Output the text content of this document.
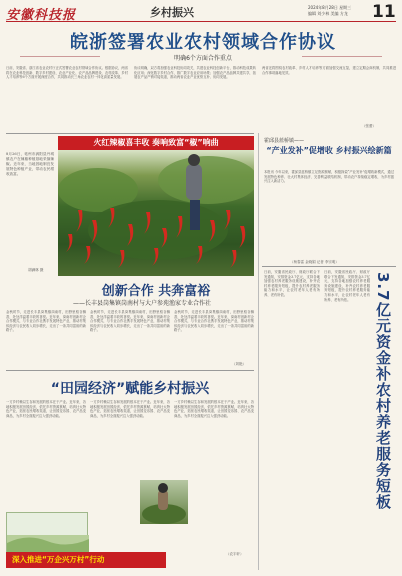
安徽科技报	乡村振兴	2024年8月28日 星期三
编辑 刘少林 美编 方龙 11
皖浙签署农业农村领域合作协议
明确6个方面合作重点
日前，安徽省、浙江省农业农村厅正式签署农业农村领域合作协议。根据协议，两省将在农业科技创新、数字乡村建设、农业产业化、农产品品牌建设、农村改革、乡村人才培养等6个方面开展深度合作，共同推动长三角农业农村一体化高质量发展。
协议明确，双方将加强农业科技协同攻关，共建农业科技创新平台，推动科技成果转化应用；深化数字乡村合作，推广数字农业应用场景；加强农产品品牌共建共享，拓展农产品产销对接渠道，推动两省农业产业优势互补、协同发展。
两省还将围绕农村改革、乡村人才培养等方面加强交流互鉴，建立定期会商机制，共同推进合作事项落地见效。
（张蕾）
火红辣椒喜丰收 奏响致富“椒”响曲
8月26日，亳州市涡阳县丹城镇农户在辣椒种植基地采摘辣椒。近年来，当地因地制宜发展特色种植产业，带动农民增收致富。
胡满林 摄
创新合作 共奔富裕
——长丰县岗集镇岗南村与大户参苑渔家专业合作社
金秋时节，走进长丰县岗集镇岗南村，田野里稻谷飘香，处处洋溢着丰收的喜悦。近年来，岗南村创新村企合作模式，与专业合作社携手发展特色产业，推动村集体经济与农民收入同步增长，走出了一条共同富裕的新路子。
金秋时节，走进长丰县岗集镇岗南村，田野里稻谷飘香，处处洋溢着丰收的喜悦。近年来，岗南村创新村企合作模式，与专业合作社携手发展特色产业，推动村集体经济与农民收入同步增长，走出了一条共同富裕的新路子。
金秋时节，走进长丰县岗集镇岗南村，田野里稻谷飘香，处处洋溢着丰收的喜悦。近年来，岗南村创新村企合作模式，与专业合作社携手发展特色产业，推动村集体经济与农民收入同步增长，走出了一条共同富裕的新路子。
（刘艳）
“田园经济”赋能乡村振兴
一方乡村赖以生存和发展的根本在于产业。近年来，各地积极发展田园经济，依托乡村资源禀赋，培育壮大特色产业，拓宽农民增收渠道，让田园变乐园、农产品变商品，为乡村全面振兴注入强劲动能。
一方乡村赖以生存和发展的根本在于产业。近年来，各地积极发展田园经济，依托乡村资源禀赋，培育壮大特色产业，拓宽农民增收渠道，让田园变乐园、农产品变商品，为乡村全面振兴注入强劲动能。
一方乡村赖以生存和发展的根本在于产业。近年来，各地积极发展田园经济，依托乡村资源禀赋，培育壮大特色产业，拓宽农民增收渠道，让田园变乐园、农产品变商品，为乡村全面振兴注入强劲动能。
（农宇轩）
深入推进“万企兴万村”行动
霍邱县蓝桥镇——
“产业发补”促增收 乡村振兴绘新篇
本报讯 今年以来，霍邱县蓝桥镇立足资源禀赋，积极探索“产业发补”促增收新模式，通过发展特色种养、壮大村集体经济、完善利益联结机制，带动农户持续稳定增收，为乡村振兴注入新活力。
（杨春雷 金晓娟 记者 李宗明）
日前，安徽省民政厅、财政厅联合下发通知，安排资金3.7亿元，支持各地加强农村养老服务设施建设，补齐农村养老服务短板，提升农村养老服务能力和水平，让农村老年人老有所养、老有所依。
日前，安徽省民政厅、财政厅联合下发通知，安排资金3.7亿元，支持各地加强农村养老服务设施建设，补齐农村养老服务短板，提升农村养老服务能力和水平，让农村老年人老有所养、老有所依。	3.7亿元资金补农村养老服务短板
